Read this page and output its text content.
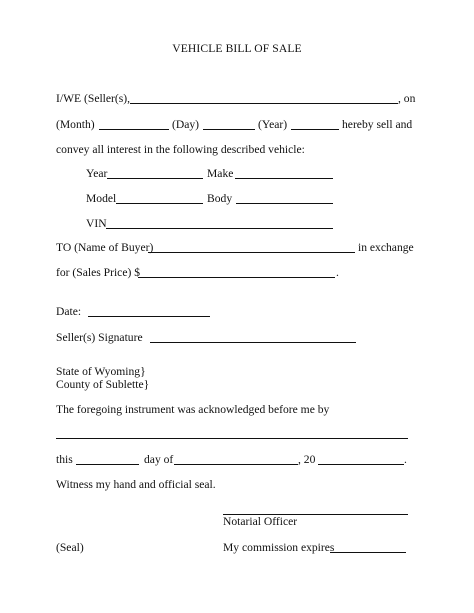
VEHICLE BILL OF SALE
I/WE (Seller(s),	, on
(Month)	(Day)	(Year)	hereby sell and
convey all interest in the following described vehicle:
Year	Make
Model	Body
VIN
TO (Name of Buyer)	in exchange
for (Sales Price) $	.
Date:
Seller(s) Signature
State of Wyoming}
County of Sublette}
The foregoing instrument was acknowledged before me by
this	day of	, 20	.
Witness my hand and official seal.
Notarial Officer
(Seal)	My commission expires
